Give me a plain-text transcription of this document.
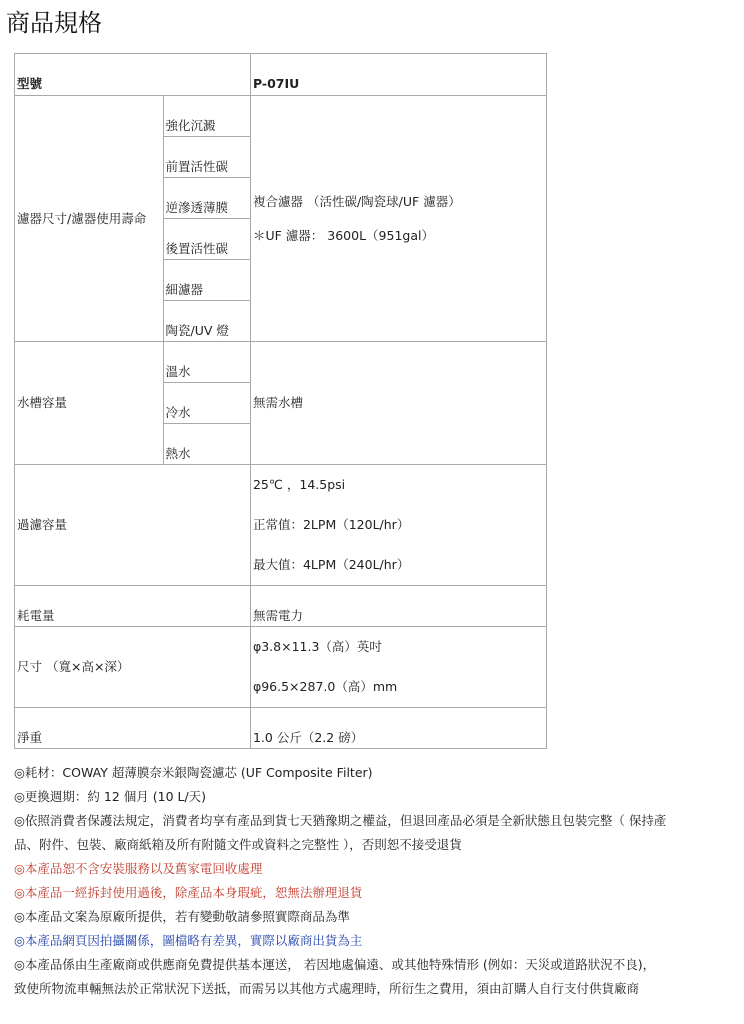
商品規格
型號		P-07IU
濾器尺寸/濾器使用壽命	強化沉澱	複合濾器 （活性碳/陶瓷球/UF 濾器）
＊UF 濾器： 3600L（951gal）

	前置活性碳	
	逆滲透薄膜	
	後置活性碳	
	細濾器	
	陶瓷/UV 燈	
水槽容量	溫水	無需水槽
	冷水	
	熱水	
過濾容量		25℃ ，14.5psi
正常值：2LPM（120L/hr）
最大值：4LPM（240L/hr）

耗電量		無需電力
尺寸 （寬×高×深）		φ3.8×11.3（高）英吋
φ96.5×287.0（高）mm

淨重		1.0 公斤（2.2 磅）
◎耗材：COWAY 超薄膜奈米銀陶瓷濾芯 (UF Composite Filter)
◎更換週期：約 12 個月 (10 L/天)
◎依照消費者保護法規定，消費者均享有產品到貨七天猶豫期之權益，但退回產品必須是全新狀態且包裝完整（ 保持產
品、附件、包裝、廠商紙箱及所有附隨文件或資料之完整性 ），否則恕不接受退貨
◎本產品恕不含安裝服務以及舊家電回收處理
◎本產品一經拆封使用過後，除產品本身瑕疵，恕無法辦理退貨
◎本產品文案為原廠所提供，若有變動敬請參照實際商品為準
◎本產品網頁因拍攝關係，圖檔略有差異，實際以廠商出貨為主
◎本產品係由生產廠商或供應商免費提供基本運送， 若因地處偏遠、或其他特殊情形 (例如：天災或道路狀況不良)，
致使所物流車輛無法於正常狀況下送抵，而需另以其他方式處理時，所衍生之費用，須由訂購人自行支付供貨廠商
